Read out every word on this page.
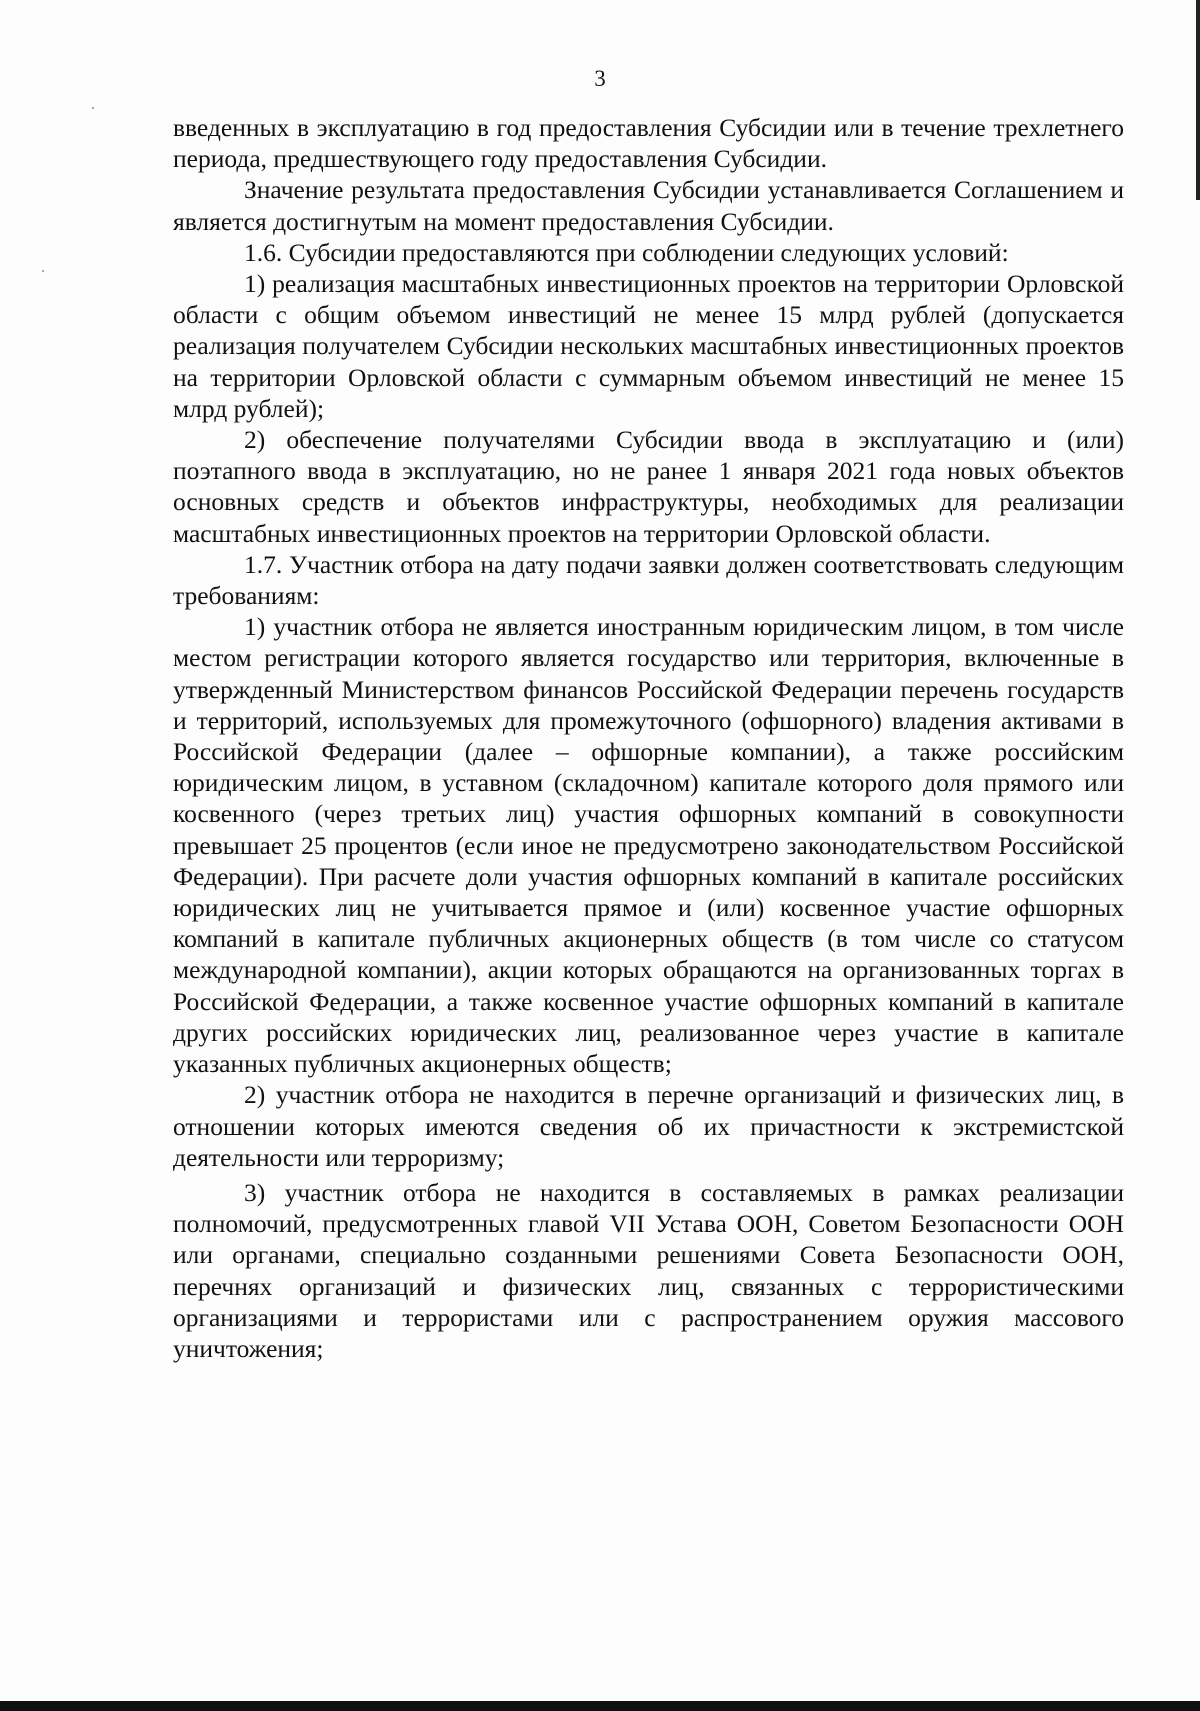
3

введенных в эксплуатацию в год предоставления Субсидии или в течение трехлетнего периода, предшествующего году предоставления Субсидии.

Значение результата предоставления Субсидии устанавливается Соглашением и является достигнутым на момент предоставления Субсидии.

1.6. Субсидии предоставляются при соблюдении следующих условий:

1) реализация масштабных инвестиционных проектов на территории Орловской области с общим объемом инвестиций не менее 15 млрд рублей (допускается реализация получателем Субсидии нескольких масштабных инвестиционных проектов на территории Орловской области с суммарным объемом инвестиций не менее 15 млрд рублей);

2) обеспечение получателями Субсидии ввода в эксплуатацию и (или) поэтапного ввода в эксплуатацию, но не ранее 1 января 2021 года новых объектов основных средств и объектов инфраструктуры, необходимых для реализации масштабных инвестиционных проектов на территории Орловской области.

1.7. Участник отбора на дату подачи заявки должен соответствовать следующим требованиям:

1) участник отбора не является иностранным юридическим лицом, в том числе местом регистрации которого является государство или территория, включенные в утвержденный Министерством финансов Российской Федерации перечень государств и территорий, используемых для промежуточного (офшорного) владения активами в Российской Федерации (далее – офшорные компании), а также российским юридическим лицом, в уставном (складочном) капитале которого доля прямого или косвенного (через третьих лиц) участия офшорных компаний в совокупности превышает 25 процентов (если иное не предусмотрено законодательством Российской Федерации). При расчете доли участия офшорных компаний в капитале российских юридических лиц не учитывается прямое и (или) косвенное участие офшорных компаний в капитале публичных акционерных обществ (в том числе со статусом международной компании), акции которых обращаются на организованных торгах в Российской Федерации, а также косвенное участие офшорных компаний в капитале других российских юридических лиц, реализованное через участие в капитале указанных публичных акционерных обществ;

2) участник отбора не находится в перечне организаций и физических лиц, в отношении которых имеются сведения об их причастности к экстремистской деятельности или терроризму;

3) участник отбора не находится в составляемых в рамках реализации полномочий, предусмотренных главой VII Устава ООН, Советом Безопасности ООН или органами, специально созданными решениями Совета Безопасности ООН, перечнях организаций и физических лиц, связанных с террористическими организациями и террористами или с распространением оружия массового уничтожения;
